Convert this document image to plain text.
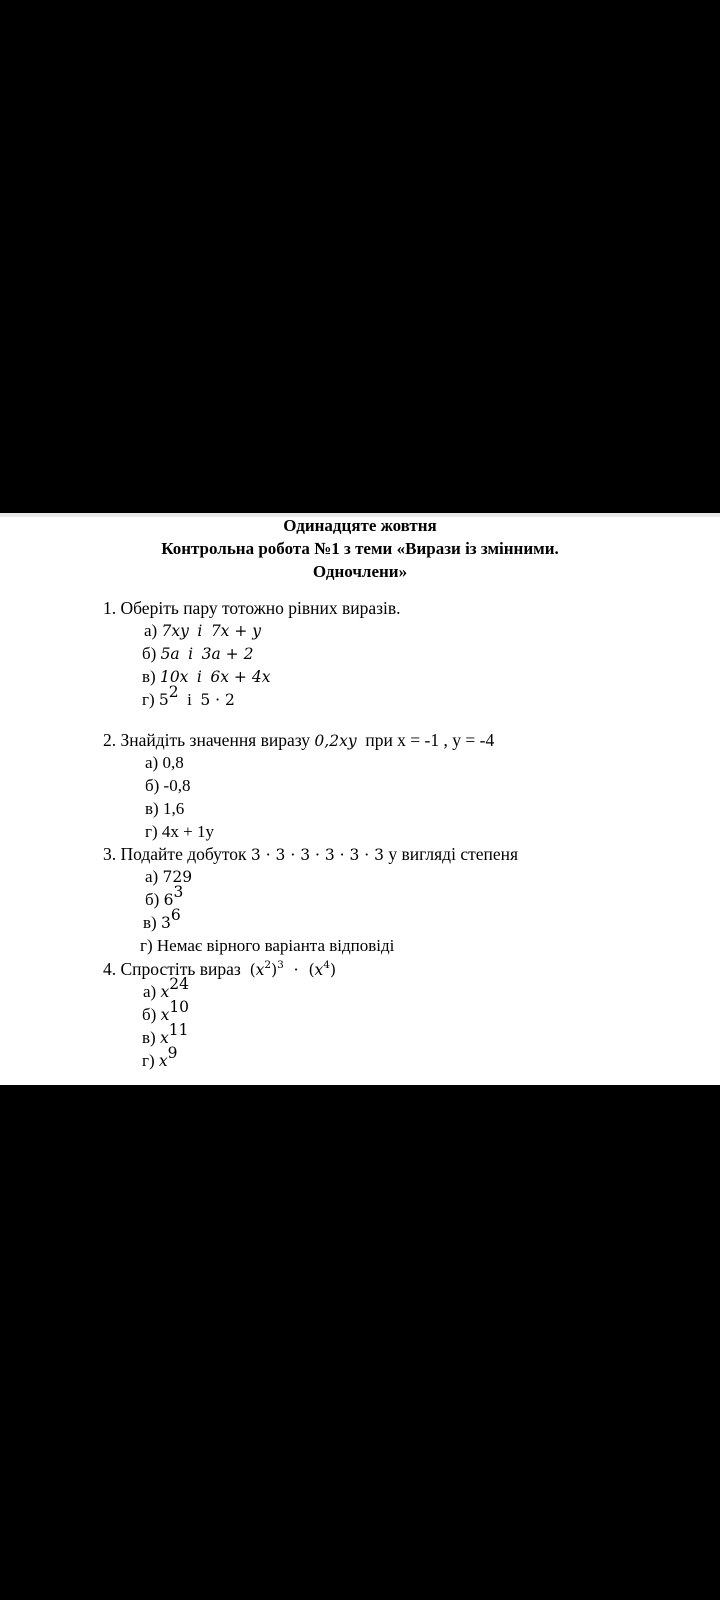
Одинадцяте жовтня
Контрольна робота №1 з теми «Вирази із змінними.
Одночлени»
1. Оберіть пару тотожно рівних виразів.
а) 7xy і 7x + y
б) 5a і 3a + 2
в) 10x і 6x + 4x
г) $5^2$ і 5 · 2
2. Знайдіть значення виразу 0,2xy при x = -1 , y = -4
а) 0,8
б) -0,8
в) 1,6
г) 4x + 1y
3. Подайте добуток 3 · 3 · 3 · 3 · 3 · 3 у вигляді степеня
а) 729
б) $6^3$
в) $3^6$
г) Немає вірного варіанта відповіді
4. Спростіть вираз $(x^2)^3 \cdot (x^4)$
а) $x^{24}$
б) $x^{10}$
в) $x^{11}$
г) $x^9$
